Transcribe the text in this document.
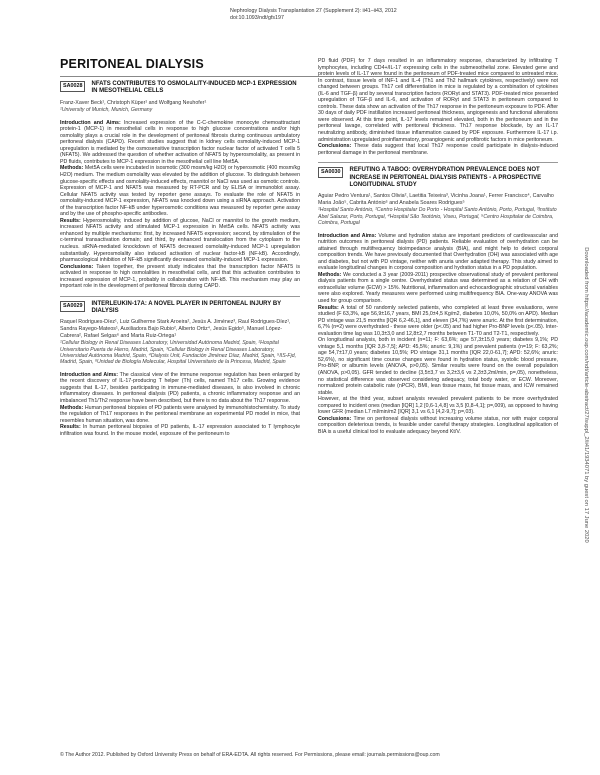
Nephrology Dialysis Transplantation 27 (Supplement 2): ii41–ii43, 2012
doi:10.1093/ndt/gfs197
PERITONEAL DIALYSIS
SA0028	NFATS CONTRIBUTES TO OSMOLALITY-INDUCED MCP-1 EXPRESSION IN MESOTHELIAL CELLS
Franz-Xaver Beck¹, Christoph Küper¹ and Wolfgang Neuhofer¹
¹University of Munich, Munich, Germany

Introduction and Aims: Increased expression of the C-C-chemokine monocyte chemoattractant protein-1 (MCP-1) in mesothelial cells in response to high glucose concentrations and/or high osmolality plays a crucial role in the development of peritoneal fibrosis during continuous ambulatory peritoneal dialysis (CAPD). Recent studies suggest that in kidney cells osmolality-induced MCP-1 upregulation is mediated by the osmosensitive transcription factor nuclear factor of activated T cells 5 (NFAT5). We addressed the question of whether activation of NFAT5 by hyperosmolality, as present in PD fluids, contributes to MCP-1 expression in the mesothelial cell line Met5A.

Methods: Met5A cells were incubated in isosmotic (300 mosm/kg H2O) or hyperosmotic (400 mosm/kg H2O) medium. The medium osmolality was elevated by the addition of glucose. To distinguish between glucose-specific effects and osmolality-induced effects, mannitol or NaCl was used as osmotic controls. Expression of MCP-1 and NFAT5 was measured by RT-PCR and by ELISA or immunoblot assay. Cellular NFAT5 activity was tested by reporter gene assays. To evaluate the role of NFAT5 in osmolality-induced MCP-1 expression, NFAT5 was knocked down using a siRNA approach. Activation of the transcription factor NF-kB under hyperosmotic conditions was measured by reporter gene assay and by the use of phospho-specific antibodies.

Results: Hyperosmolality, induced by addition of glucose, NaCl or mannitol to the growth medium, increased NFAT5 activity and stimulated MCP-1 expression in Met5A cells. NFAT5 activity was enhanced by multiple mechanisms: first, by increased NFAT5 expression; second, by stimulation of the c-terminal transactivation domain; and third, by enhanced translocation from the cytoplasm to the nucleus. siRNA-mediated knockdown of NFAT5 decreased osmolality-induced MCP-1 upregulation substantially. Hyperosmolality also induced activation of nuclear factor-kB (NF-kB). Accordingly, pharmacological inhibition of NF-kB significantly decreased osmolality-induced MCP-1 expression.

Conclusions: Taken together, the present study indicates that the transcription factor NFAT5 is activated in response to high osmolalities in mesothelial cells, and that this activation contributes to increased expression of MCP-1, probably in collaboration with NF-kB. This mechanism may play an important role in the development of peritoneal fibrosis during CAPD.

SA0029	INTERLEUKIN-17A: A NOVEL PLAYER IN PERITONEAL INJURY BY DIALYSIS
Raquel Rodrigues-Díez¹, Luiz Guilherme Stark Aroeira², Jesús A. Jiménez³, Raul Rodrigues-Díez¹, Sandra Rayego-Mateos¹, Auxiliadora Bajo Rubio², Alberto Ortiz⁴, Jesús Egido⁵, Manuel López-Cabrera², Rafael Selgas⁶ and Marta Ruiz-Ortega¹
¹Cellular Biology in Renal Diseases Laboratory, Universidad Autónoma Madrid, Spain, ²Hospital Universitario Puerta de Hierro, Madrid, Spain, ³Cellular Biology in Renal Diseases Laboratory, Universidad Autónoma Madrid, Spain, ⁴Dialysis Unit, Fundación Jiménez Díaz, Madrid, Spain, ⁵IIS-Fjd, Madrid, Spain, ⁶Unidad de Biología Molecular, Hospital Universitario de la Princesa, Madrid, Spain

Introduction and Aims: The classical view of the immune response regulation has been enlarged by the recent discovery of IL-17-producing T helper (Th) cells, named Th17 cells. Growing evidence suggests that IL-17, besides participating in immune-mediated diseases, is also involved in chronic inflammatory diseases. In peritoneal dialysis (PD) patients, a chronic inflammatory response and an imbalanced Th1/Th2 response have been described, but there is no data about the Th17 response.

Methods: Human peritoneal biopsies of PD patients were analysed by immunohistochemistry. To study the regulation of Th17 responses in the peritoneal membrane an experimental PD model in mice, that resembles human situation, was done.

Results: In human peritoneal biopsies of PD patients, IL-17 expression associated to T lymphocyte infiltration was found. In the mouse model, exposure of the peritoneum to

PD fluid (PDF) for 7 days resulted in an inflammatory response, characterized by infiltrating T lymphocytes, including CD4+/IL-17 expressing cells in the submesothelial zone. Elevated gene and protein levels of IL-17 were found in the peritoneum of PDF-treated mice compared to untreated mice. In contrast, tissue levels of INF-1 and IL-4 (Th1 and Th2 hallmark cytokines, respectively) were not changed between groups. Th17 cell differentiation in mice is regulated by a combination of cytokines (IL-6 and TGF-β) and by several transcription factors (RORγt and STAT3). PDF-treated mice presented upregulation of TGF-β and IL-6, and activation of RORγt and STAT3 in peritoneum compared to controls. These data show an activation of the Th17 response in the peritoneum exposure to PDF. After 30 days of daily PDF instillation increased peritoneal thickness, angiogenesis and functional alterations were observed. At this time point, IL-17 levels remained elevated, both in the peritoneum and in the peritoneal lavage, correlated with peritoneal thickness. Th17 response blockade, by an IL-17 neutralizing antibody, diminished tissue inflammation caused by PDF exposure. Furthermore IL-17 i.p. administration upregulated proinflammatory, proangiogenic and profibrotic factors in mice peritoneum.

Conclusions: These data suggest that local Th17 response could participate in dialysis-induced peritoneal damage in the peritoneal membrane.

SA0030	REFUTING A TABOO: OVERHYDRATION PREVALENCE DOES NOT INCREASE IN PERITONEAL DIALYSIS PATIENTS - A PROSPECTIVE LONGITUDINAL STUDY
Aguiar Pedro Ventura¹, Santos Olivia², Laetitia Teixeira³, Vicinha Joana¹, Ferrer Francisco⁴, Carvalho Maria João⁵, Cabrita António⁶ and Anabela Soares Rodrigues⁵
¹Hospital Santo António, ²Centro Hospitalar Do Porto - Hospital Santo António, Porto, Portugal, ³Instituto Abel Salazar, Porto, Portugal, ⁴Hospital São Teotónio, Viseu, Portugal, ⁵Centro Hospitalar de Coimbra, Coimbra, Portugal

Introduction and Aims: Volume and hydration status are important predictors of cardiovascular and nutrition outcomes in peritoneal dialysis (PD) patients. Reliable evaluation of overhydration can be attained through multifrequency bioimpedance analysis (BIA), and might help to detect corporal composition trends. We have previously documented that Overhydration (OH) was associated with age and diabetes, but not with PD vintage, neither with anuria under adapted therapy. This study aimed to evaluate longitudinal changes in corporal composition and hydration status in a PD population.

Methods: We conducted a 3 year (2009-2011) prospective observational study of prevalent peritoneal dialysis patients from a single centre. Overhydrated status was determined as a relation of OH with extracellular volume (ECW) > 15%. Nutritional, inflammation and echocardiographic structural variables were also explored. Yearly measures were performed using multifrequency BIA. One-way ANOVA was used for group comparison.

Results: A total of 50 randomly selected patients, who completed at least three evaluations, were studied (F 63,3%, age 56,9±16,7 years, BMI 25,0±4,5 Kg/m2, diabetes 10,0%, 50,0% on APD). Median PD vintage was 21,5 months [IQR 6,2-46,1], and eleven (34,7%) were anuric. At the first determination, 6,7% (n=2) were overhydrated - these were older (p<.05) and had higher Pro-BNP levels (p<.05). Inter-evaluation time lag was 10,3±3,0 and 12,8±2,7 months between T1-T0 and T2-T1, respectively.

On longitudinal analysis, both in incident (n=11; F: 63,6%; age 57,3±15,0 years; diabetes 9,1%; PD vintage 5,1 months [IQR 3,8-7,5]; APD: 45,5%; anuric: 9,1%) and prevalent patients (n=19; F: 63,2%; age 54,7±17,0 years; diabetes 10,5%; PD vintage 31,1 months [IQR 22,0-61,7]; APD: 52,6%; anuric: 52,6%), no significant time course changes were found in hydration status, systolic blood pressure, Pro-BNP, or albumin levels (ANOVA, p>0,05). Similar results were found on the overall population (ANOVA, p>0,05). GFR tended to decline (3,5±3,7 vs 3,2±3,6 vs 2,3±3,2ml/min, p=,05), nonetheless, no statistical difference was observed considering adequacy, total body water, or ECW. Moreover, normalized protein catabolic rate (nPCR), BMI, lean tissue mass, fat tissue mass, and ICW remained stable.

However, at the third year, subset analysis revealed prevalent patients to be more overhydrated compared to incident ones (median [IQR] 1,2 [0,6-1,4,8] vs 3,5 [0,8-4,1]; p=,009), as opposed to having lower GFR (median L7 ml/min/m2 [IQR] 3,1 vs 6,1 [4,2-9,7]; p=,03).

Conclusions: Time on peritoneal dialysis without increasing volume status, nor with major corporal composition deleterious trends, is feasible under careful therapy strategies. Longitudinal application of BIA is a useful clinical tool to evaluate adequacy beyond Kt/V.	Downloaded from https://academic.oup.com/ndt/article-abstract/27/suppl_2/ii41/1934071 by guest on 17 June 2020
© The Author 2012. Published by Oxford University Press on behalf of ERA-EDTA. All rights reserved. For Permissions, please email: journals.permissions@oup.com
